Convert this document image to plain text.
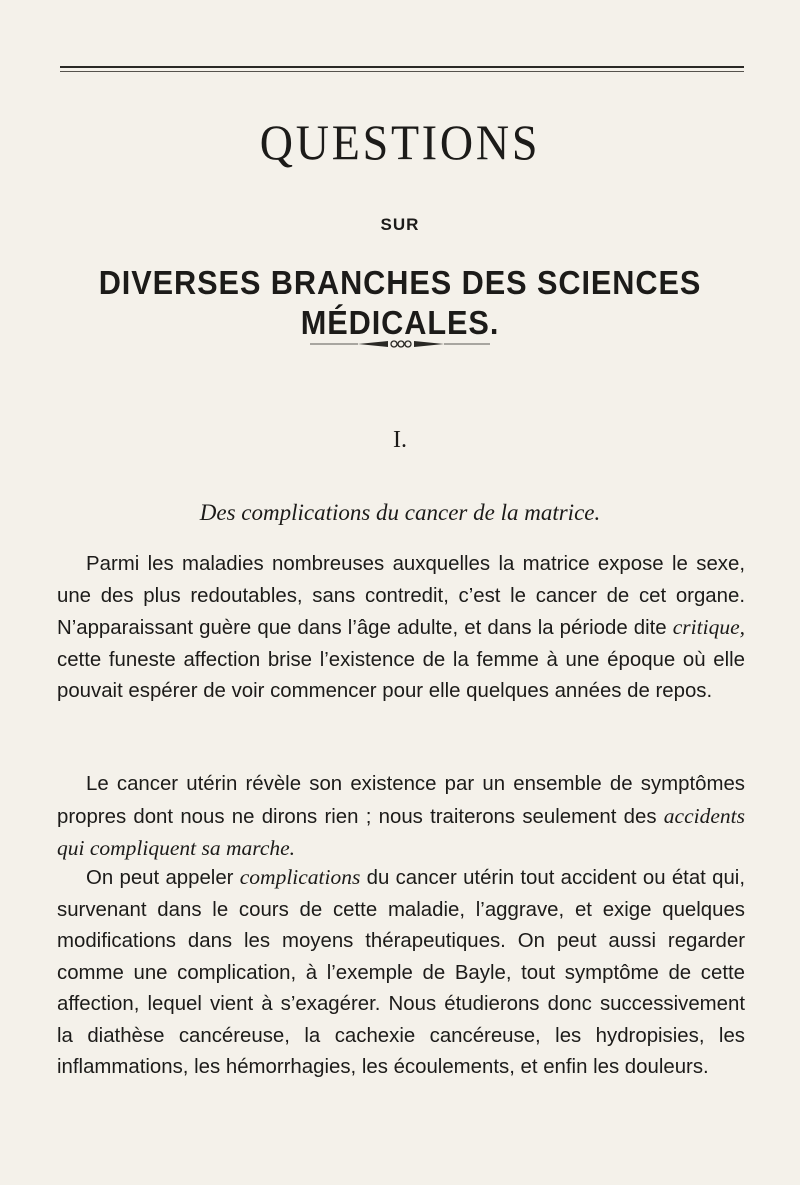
QUESTIONS
SUR
DIVERSES BRANCHES DES SCIENCES MÉDICALES.
I.
Des complications du cancer de la matrice.

Parmi les maladies nombreuses auxquelles la matrice expose le sexe, une des plus redoutables, sans contredit, c’est le cancer de cet organe. N’apparaissant guère que dans l’âge adulte, et dans la période dite critique, cette funeste affection brise l’existence de la femme à une époque où elle pouvait espérer de voir commencer pour elle quelques années de repos.

Le cancer utérin révèle son existence par un ensemble de symptômes propres dont nous ne dirons rien ; nous traiterons seulement des accidents qui compliquent sa marche.

On peut appeler complications du cancer utérin tout accident ou état qui, survenant dans le cours de cette maladie, l’aggrave, et exige quelques modifications dans les moyens thérapeutiques. On peut aussi regarder comme une complication, à l’exemple de Bayle, tout symptôme de cette affection, lequel vient à s’exagérer. Nous étudierons donc successivement la diathèse cancéreuse, la cachexie cancéreuse, les hydropisies, les inflammations, les hémorrhagies, les écoulements, et enfin les douleurs.
